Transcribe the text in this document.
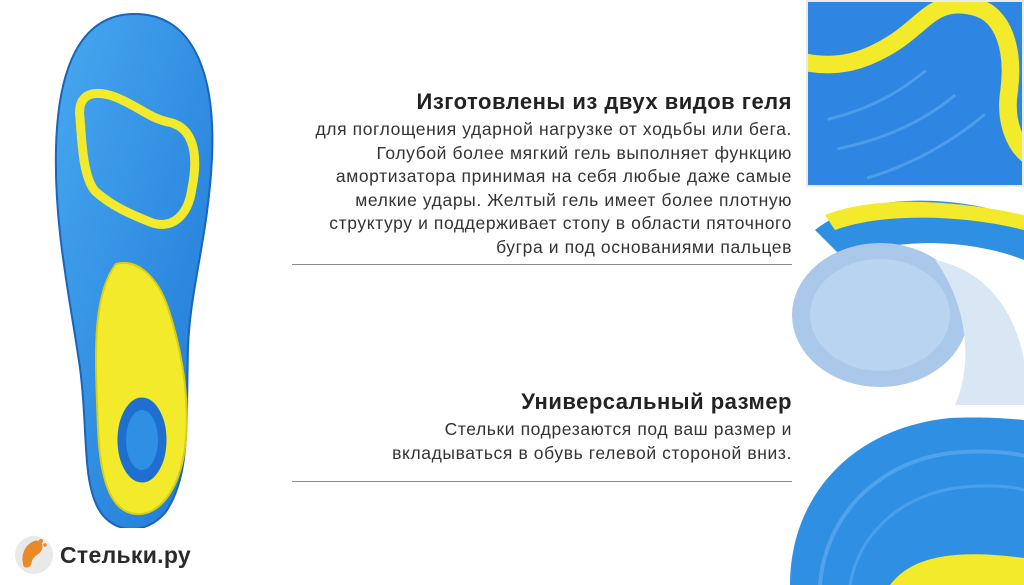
Изготовлены из двух видов геля
для поглощения ударной нагрузке от ходьбы или бега.
Голубой более мягкий гель выполняет функцию
амортизатора принимая на себя любые даже самые
мелкие удары. Желтый гель имеет более плотную
структуру и поддерживает стопу в области пяточного
бугра и под основаниями пальцев
Универсальный размер
Стельки подрезаются под ваш размер и
вкладываться в обувь гелевой стороной вниз.
Стельки.ру
